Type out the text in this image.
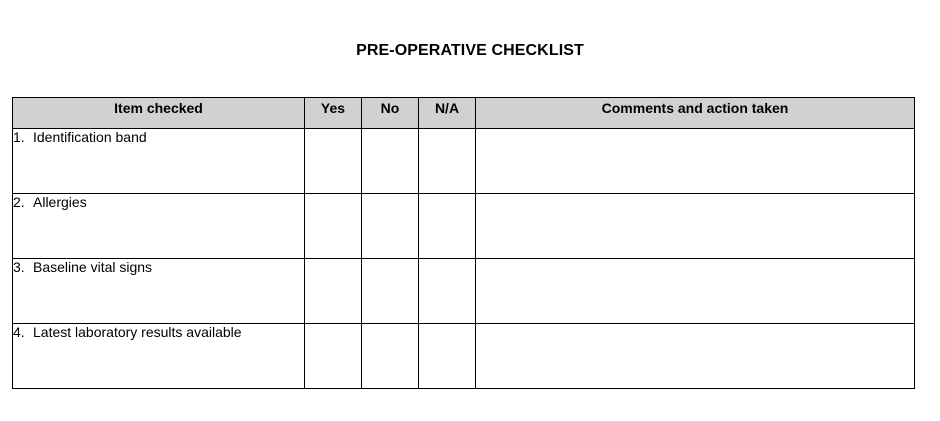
PRE-OPERATIVE CHECKLIST
Item checked	Yes	No	N/A	Comments and action taken
1. Identification band				
2. Allergies				
3. Baseline vital signs				
4. Latest laboratory results available				
